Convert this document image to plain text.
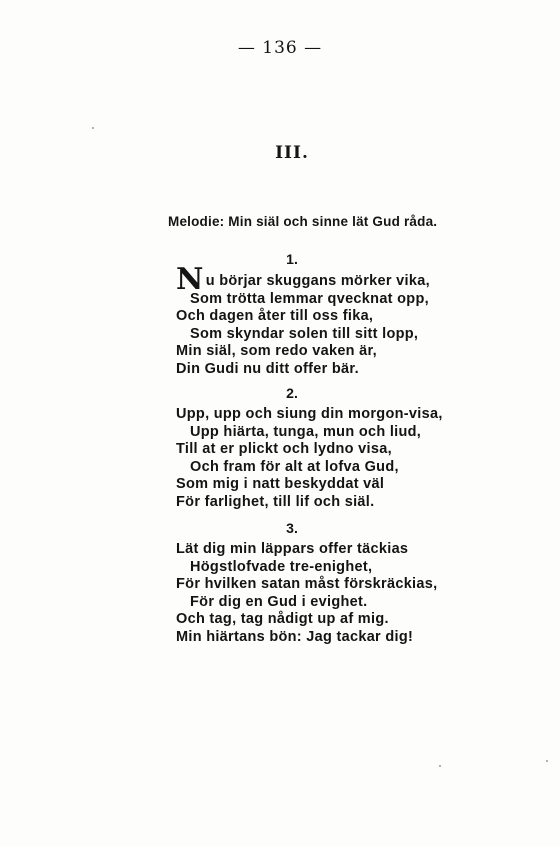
— 136 —
III.
Melodie: Min siäl och sinne lät Gud råda.
1.
Nu börjar skuggans mörker vika,
Som trötta lemmar qvecknat opp,
Och dagen åter till oss fika,
Som skyndar solen till sitt lopp,
Min siäl, som redo vaken är,
Din Gudi nu ditt offer bär.
2.
Upp, upp och siung din morgon-visa,
Upp hiärta, tunga, mun och liud,
Till at er plickt och lydno visa,
Och fram för alt at lofva Gud,
Som mig i natt beskyddat väl
För farlighet, till lif och siäl.
3.
Lät dig min läppars offer täckias
Högstlofvade tre-enighet,
För hvilken satan måst förskräckias,
För dig en Gud i evighet.
Och tag, tag nådigt up af mig.
Min hiärtans bön: Jag tackar dig!
